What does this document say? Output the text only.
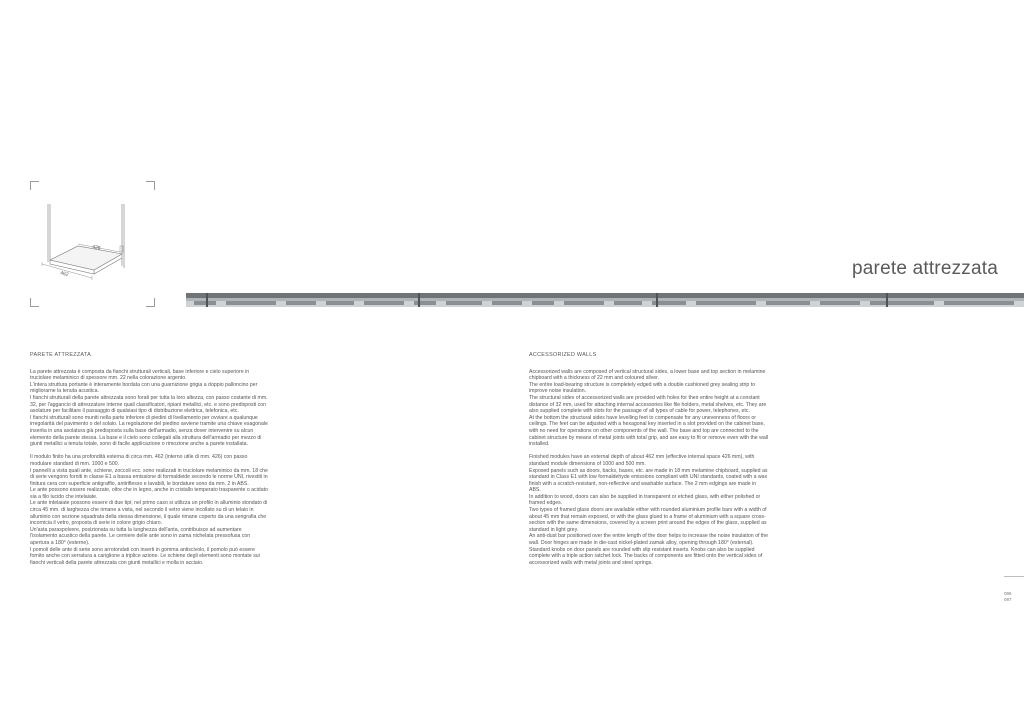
426
462	parete attrezzata
PARETE ATTREZZATA

La parete attrezzata è composta da fianchi strutturali verticali, base inferiore e cielo superiore in truciolare melaminico di spessore mm. 22 nella colorazione argento.
L'intera struttura portante è interamente bordata con una guarnizione grigia a doppio palloncino per migliorarne la tenuta acustica.
I fianchi strutturali della parete attrezzata sono forati per tutta la loro altezza, con passo costante di mm. 32, per l'aggancio di attrezzature interne quali classificatori, ripiani metallici, etc. e sono predisposti con asolature per facilitare il passaggio di qualsiasi tipo di distribuzione elettrica, telefonica, etc.
I fianchi strutturali sono muniti nella parte inferiore di piedini di livellamento per ovviare a qualunque irregolarità del pavimento o del solaio. La regolazione del piedino avviene tramite una chiave esagonale inserita in una asolatura già predisposta sulla base dell'armadio, senza dover intervenire su alcun elemento della parete stessa. La base e il cielo sono collegati alla struttura dell'armadio per mezzo di giunti metallici a tenuta totale, sono di facile applicazione o rimozione anche a parete installata.

Il modulo finito ha una profondità esterna di circa mm. 462 (interno utile di mm. 426) con passo modulare standard di mm. 1000 e 500.
I pannelli a vista quali ante, schiene, zoccoli ecc. sono realizzati in truciolare melaminico da mm. 18 che di serie vengono forniti in classe E1 a bassa emissione di formaldeide secondo le norme UNI, rivestiti in finitura cera con superficie antigraffio, antiriflesso e lavabili, le bordature sono da mm. 2 in ABS.
Le ante possono essere realizzate, oltre che in legno, anche in cristallo temperato trasparente o acidato sia a filo lucido che intelaiate.
Le ante intelaiate possono essere di due tipi; nel primo caso si utilizza un profilo in alluminio stondato di circa 45 mm. di larghezza che rimane a vista, nel secondo il vetro viene incollato su di un telaio in alluminio con sezione squadrata della stessa dimensione, il quale rimane coperto da una serigrafia che incornicia il vetro, proposta di serie in colore grigio chiaro.
Un'asta paraspolvere, posizionata su tutta la lunghezza dell'anta, contribuisce ad aumentare l'isolamento acustico della parete. Le cerniere delle ante sono in zama nichelata pressofusa con apertura a 180° (esterne).
I pomoli delle ante di serie sono arrotondati con inserti in gomma antiscivolo, il pomolo può essere fornito anche con serratura a cariglione a triplice azione. Le schiene degli elementi sono montate sui fianchi verticali della parete attrezzata con giunti metallici e molla in acciaio.

ACCESSORIZED WALLS

Accessorized walls are composed of vertical structural sides, a lower base and top section in melamine chipboard with a thickness of 22 mm and coloured silver.
The entire load-bearing structure is completely edged with a double cushioned grey sealing strip to improve noise insulation.
The structural sides of accessorized walls are provided with holes for their entire height at a constant distance of 32 mm, used for attaching internal accessories like file holders, metal shelves, etc. They are also supplied complete with slots for the passage of all types of cable for power, telephones, etc.
At the bottom the structural sides have levelling feet to compensate for any unevenness of floors or ceilings. The feet can be adjusted with a hexagonal key inserted in a slot provided on the cabinet base, with no need for operations on other components of the wall. The base and top are connected to the cabinet structure by means of metal joints with total grip, and are easy to fit or remove even with the wall installed.

Finished modules have an external depth of about 462 mm (effective internal space 426 mm), with standard module dimensions of 1000 and 500 mm.
Exposed panels such as doors, backs, bases, etc. are made in 18 mm melamine chipboard, supplied as standard in Class E1 with low formaldehyde emissions compliant with UNI standards, coated with a wax finish with a scratch-resistant, non-reflective and washable surface. The 2 mm edgings are made in ABS.
In addition to wood, doors can also be supplied in transparent or etched glass, with either polished or framed edges.
Two types of framed glass doors are available either with rounded aluminium profile bars with a width of about 45 mm that remain exposed, or with the glass glued to a frame of aluminium with a square cross-section with the same dimensions, covered by a screen print around the edges of the glass, supplied as standard in light grey.
An anti-dust bar positioned over the entire length of the door helps to increase the noise insulation of the wall. Door hinges are made in die-cast nickel-plated zamak alloy, opening through 180° (external).
Standard knobs on door panels are rounded with slip resistant inserts. Knobs can also be supplied complete with a triple action ratchet lock. The backs of components are fitted onto the vertical sides of accessorized walls with metal joints and steel springs.

096
097
